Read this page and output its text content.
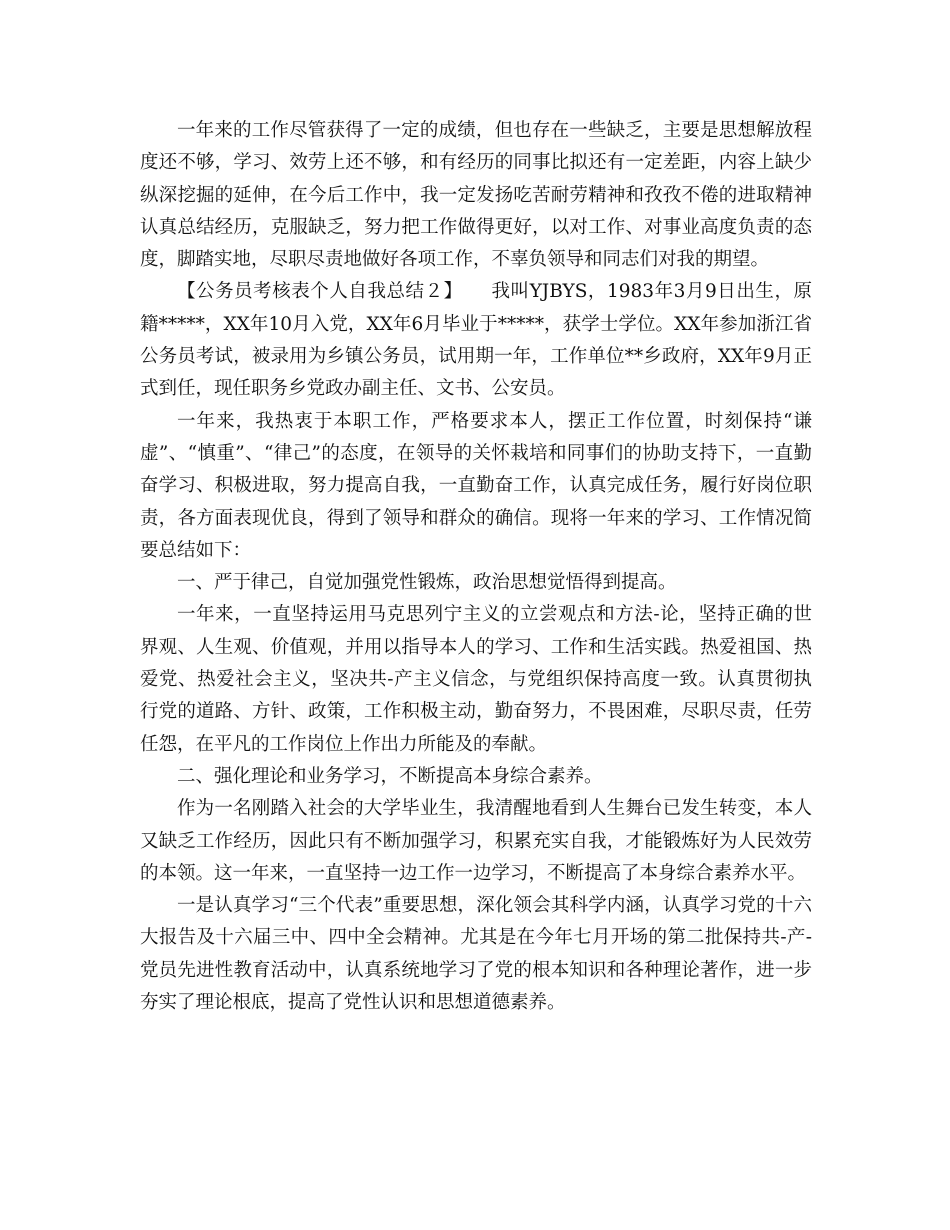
一年来的工作尽管获得了一定的成绩，但也存在一些缺乏，主要是思想解放程度还不够，学习、效劳上还不够，和有经历的同事比拟还有一定差距，内容上缺少纵深挖掘的延伸，在今后工作中，我一定发扬吃苦耐劳精神和孜孜不倦的进取精神认真总结经历，克服缺乏，努力把工作做得更好，以对工作、对事业高度负责的态度，脚踏实地，尽职尽责地做好各项工作，不辜负领导和同志们对我的期望。

【公务员考核表个人自我总结２】　　我叫YJBYS，1983年3月9日出生，原籍*****，XX年10月入党，XX年6月毕业于*****，获学士学位。XX年参加浙江省公务员考试，被录用为乡镇公务员，试用期一年，工作单位**乡政府，XX年9月正式到任，现任职务乡党政办副主任、文书、公安员。

一年来，我热衷于本职工作，严格要求本人，摆正工作位置，时刻保持“谦虚”、“慎重”、“律己”的态度，在领导的关怀栽培和同事们的协助支持下，一直勤奋学习、积极进取，努力提高自我，一直勤奋工作，认真完成任务，履行好岗位职责，各方面表现优良，得到了领导和群众的确信。现将一年来的学习、工作情况简要总结如下：

一、严于律己，自觉加强党性锻炼，政治思想觉悟得到提高。

一年来，一直坚持运用马克思列宁主义的立尝观点和方法-论，坚持正确的世界观、人生观、价值观，并用以指导本人的学习、工作和生活实践。热爱祖国、热爱党、热爱社会主义，坚决共-产主义信念，与党组织保持高度一致。认真贯彻执行党的道路、方针、政策，工作积极主动，勤奋努力，不畏困难，尽职尽责，任劳任怨，在平凡的工作岗位上作出力所能及的奉献。

二、强化理论和业务学习，不断提高本身综合素养。

作为一名刚踏入社会的大学毕业生，我清醒地看到人生舞台已发生转变，本人又缺乏工作经历，因此只有不断加强学习，积累充实自我，才能锻炼好为人民效劳的本领。这一年来，一直坚持一边工作一边学习，不断提高了本身综合素养水平。

一是认真学习“三个代表”重要思想，深化领会其科学内涵，认真学习党的十六大报告及十六届三中、四中全会精神。尤其是在今年七月开场的第二批保持共-产-党员先进性教育活动中，认真系统地学习了党的根本知识和各种理论著作，进一步夯实了理论根底，提高了党性认识和思想道德素养。
